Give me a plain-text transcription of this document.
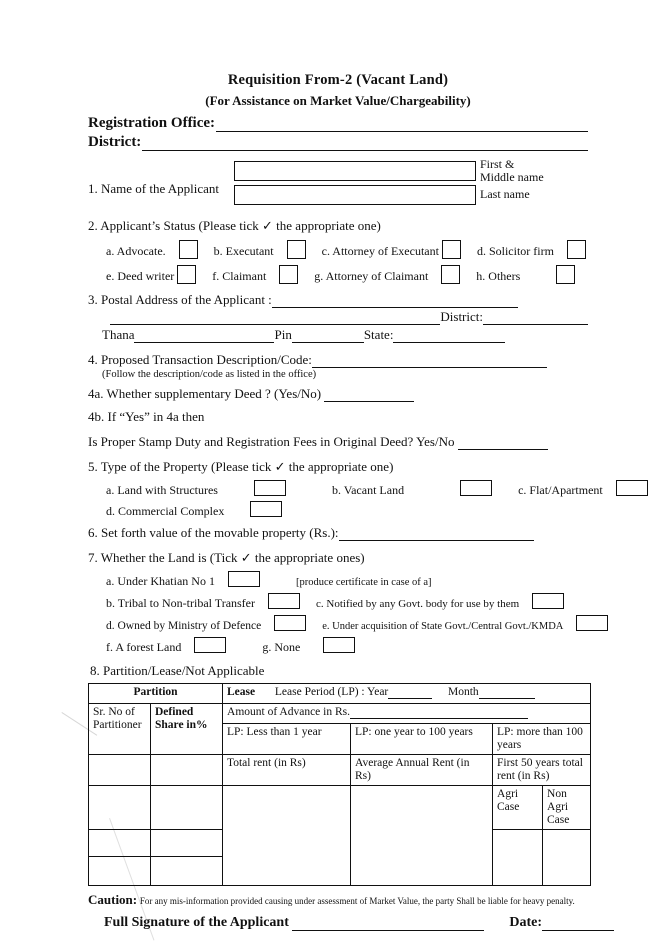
Requisition From-2 (Vacant Land)
(For Assistance on Market Value/Chargeability)
Registration Office:
District:
1. Name of the Applicant
First &
Middle name
Last name
2. Applicant’s Status (Please tick ✓ the appropriate one)
a. Advocate.	b. Executant	c. Attorney of Executant	d. Solicitor firm
e. Deed writer	f. Claimant	g. Attorney of Claimant	h. Others
3. Postal Address of the Applicant :
District:
Thana	Pin	State:
4. Proposed Transaction Description/Code:
(Follow the description/code as listed in the office)
4a. Whether supplementary Deed ? (Yes/No)
4b. If “Yes” in 4a then
Is Proper Stamp Duty and Registration Fees in Original Deed? Yes/No
5. Type of the Property (Please tick ✓ the appropriate one)
a. Land with Structures	b. Vacant Land	c. Flat/Apartment
d. Commercial Complex
6. Set forth value of the movable property (Rs.):
7. Whether the Land is (Tick ✓ the appropriate ones)
a. Under Khatian No 1	[produce certificate in case of a]
b. Tribal to Non-tribal Transfer	c. Notified by any Govt. body for use by them
d. Owned by Ministry of Defence	e. Under acquisition of State Govt./Central Govt./KMDA
f. A forest Land	g. None
8. Partition/Lease/Not Applicable
Partition		Lease Lease Period (LP) : Year Month			
Sr. No of Partitioner	Defined Share in%	Amount of Advance in Rs.			
		LP: Less than 1 year	LP: one year to 100 years	LP: more than 100 years	
		Total rent (in Rs)	Average Annual Rent (in Rs)	First 50 years total rent (in Rs)	
				Agri Case	Non Agri Case

Caution: For any mis-information provided causing under assessment of Market Value, the party Shall be liable for heavy penalty.
Full Signature of the Applicant	Date:
